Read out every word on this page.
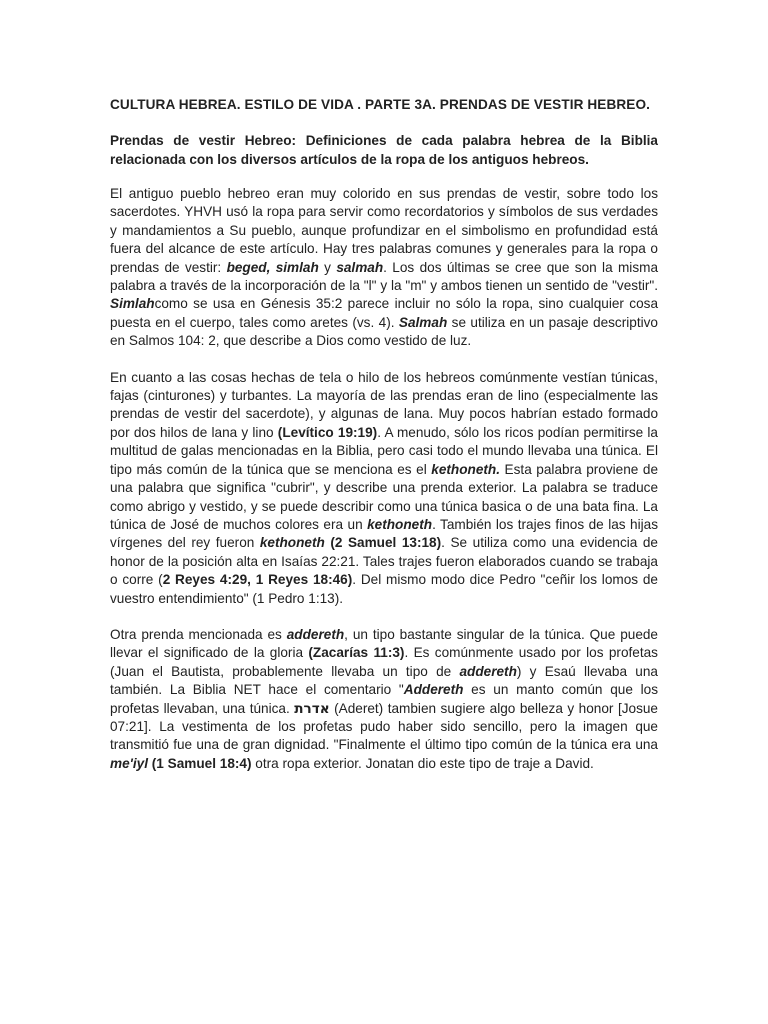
CULTURA HEBREA. ESTILO DE VIDA . PARTE 3A. PRENDAS DE VESTIR HEBREO.
Prendas de vestir Hebreo: Definiciones de cada palabra hebrea de la Biblia relacionada con los diversos artículos de la ropa de los antiguos hebreos.
El antiguo pueblo hebreo eran muy colorido en sus prendas de vestir, sobre todo los sacerdotes. YHVH usó la ropa para servir como recordatorios y símbolos de sus verdades y mandamientos a Su pueblo, aunque profundizar en el simbolismo en profundidad está fuera del alcance de este artículo. Hay tres palabras comunes y generales para la ropa o prendas de vestir: beged, simlah y salmah. Los dos últimas se cree que son la misma palabra a través de la incorporación de la "l" y la "m" y ambos tienen un sentido de "vestir". Simlahcomo se usa en Génesis 35:2 parece incluir no sólo la ropa, sino cualquier cosa puesta en el cuerpo, tales como aretes (vs. 4). Salmah se utiliza en un pasaje descriptivo en Salmos 104: 2, que describe a Dios como vestido de luz.
En cuanto a las cosas hechas de tela o hilo de los hebreos comúnmente vestían túnicas, fajas (cinturones) y turbantes. La mayoría de las prendas eran de lino (especialmente las prendas de vestir del sacerdote), y algunas de lana. Muy pocos habrían estado formado por dos hilos de lana y lino (Levítico 19:19). A menudo, sólo los ricos podían permitirse la multitud de galas mencionadas en la Biblia, pero casi todo el mundo llevaba una túnica. El tipo más común de la túnica que se menciona es el kethoneth. Esta palabra proviene de una palabra que significa "cubrir", y describe una prenda exterior. La palabra se traduce como abrigo y vestido, y se puede describir como una túnica basica o de una bata fina. La túnica de José de muchos colores era un kethoneth. También los trajes finos de las hijas vírgenes del rey fueron kethoneth (2 Samuel 13:18). Se utiliza como una evidencia de honor de la posición alta en Isaías 22:21. Tales trajes fueron elaborados cuando se trabaja o corre (2 Reyes 4:29, 1 Reyes 18:46). Del mismo modo dice Pedro "ceñir los lomos de vuestro entendimiento" (1 Pedro 1:13).
Otra prenda mencionada es addereth, un tipo bastante singular de la túnica. Que puede llevar el significado de la gloria (Zacarías 11:3). Es comúnmente usado por los profetas (Juan el Bautista, probablemente llevaba un tipo de addereth) y Esaú llevaba una también. La Biblia NET hace el comentario "Addereth es un manto común que los profetas llevaban, una túnica. אדרת (Aderet) tambien sugiere algo belleza y honor [Josue 07:21]. La vestimenta de los profetas pudo haber sido sencillo, pero la imagen que transmitió fue una de gran dignidad. "Finalmente el último tipo común de la túnica era una me'iyl (1 Samuel 18:4) otra ropa exterior. Jonatan dio este tipo de traje a David.
